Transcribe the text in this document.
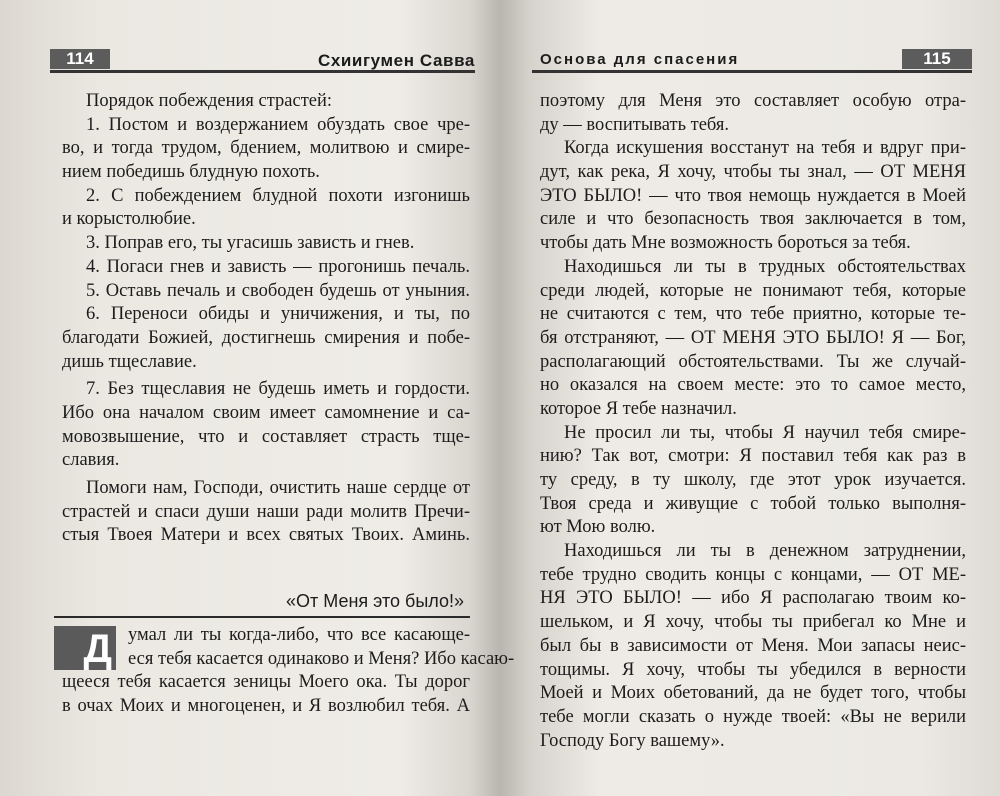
114	Схиигумен Савва
Порядок побеждения страстей:
1. Постом и воздержанием обуздать свое чре-
во, и тогда трудом, бдением, молитвою и смире-
нием победишь блудную похоть.
2. С побеждением блудной похоти изгонишь
и корыстолюбие.
3. Поправ его, ты угасишь зависть и гнев.
4. Погаси гнев и зависть — прогонишь печаль.
5. Оставь печаль и свободен будешь от уныния.
6. Переноси обиды и уничижения, и ты, по
благодати Божией, достигнешь смирения и побе-
дишь тщеславие.
7. Без тщеславия не будешь иметь и гордости.
Ибо она началом своим имеет самомнение и са-
мовозвышение, что и составляет страсть тще-
славия.
Помоги нам, Господи, очистить наше сердце от
страстей и спаси души наши ради молитв Пречи-
стыя Твоея Матери и всех святых Твоих. Аминь.
«От Меня это было!»
Д умал ли ты когда-либо, что все касающе-
еся тебя касается одинаково и Меня? Ибо касаю-
щееся тебя касается зеницы Моего ока. Ты дорог
в очах Моих и многоценен, и Я возлюбил тебя. А
Основа для спасения	115
поэтому для Меня это составляет особую отра-
ду — воспитывать тебя.
Когда искушения восстанут на тебя и вдруг при-
дут, как река, Я хочу, чтобы ты знал, — ОТ МЕНЯ
ЭТО БЫЛО! — что твоя немощь нуждается в Моей
силе и что безопасность твоя заключается в том,
чтобы дать Мне возможность бороться за тебя.
Находишься ли ты в трудных обстоятельствах
среди людей, которые не понимают тебя, которые
не считаются с тем, что тебе приятно, которые те-
бя отстраняют, — ОТ МЕНЯ ЭТО БЫЛО! Я — Бог,
располагающий обстоятельствами. Ты же случай-
но оказался на своем месте: это то самое место,
которое Я тебе назначил.
Не просил ли ты, чтобы Я научил тебя смире-
нию? Так вот, смотри: Я поставил тебя как раз в
ту среду, в ту школу, где этот урок изучается.
Твоя среда и живущие с тобой только выполня-
ют Мою волю.
Находишься ли ты в денежном затруднении,
тебе трудно сводить концы с концами, — ОТ МЕ-
НЯ ЭТО БЫЛО! — ибо Я располагаю твоим ко-
шельком, и Я хочу, чтобы ты прибегал ко Мне и
был бы в зависимости от Меня. Мои запасы неис-
тощимы. Я хочу, чтобы ты убедился в верности
Моей и Моих обетований, да не будет того, чтобы
тебе могли сказать о нужде твоей: «Вы не верили
Господу Богу вашему».
